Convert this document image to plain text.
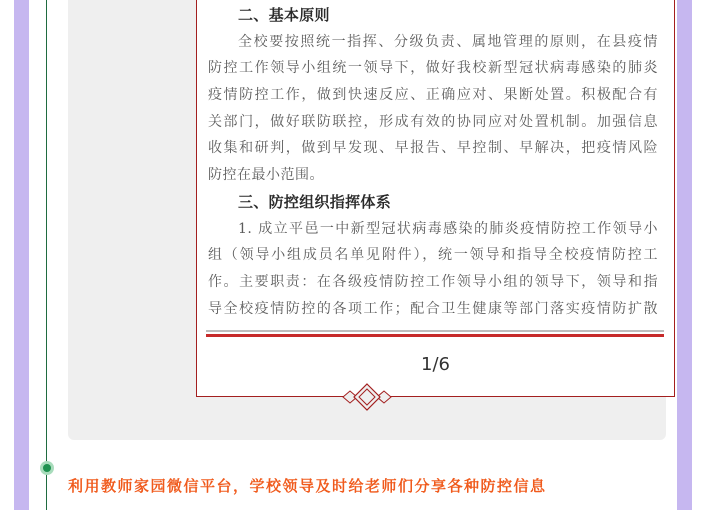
二、基本原则
全校要按照统一指挥、分级负责、属地管理的原则，在县疫情
防控工作领导小组统一领导下，做好我校新型冠状病毒感染的肺炎
疫情防控工作，做到快速反应、正确应对、果断处置。积极配合有
关部门，做好联防联控，形成有效的协同应对处置机制。加强信息
收集和研判，做到早发现、早报告、早控制、早解决，把疫情风险
防控在最小范围。
三、防控组织指挥体系
1. 成立平邑一中新型冠状病毒感染的肺炎疫情防控工作领导小
组（领导小组成员名单见附件），统一领导和指导全校疫情防控工
作。主要职责：在各级疫情防控工作领导小组的领导下，领导和指
导全校疫情防控的各项工作；配合卫生健康等部门落实疫情防扩散
1/6
利用教师家园微信平台，学校领导及时给老师们分享各种防控信息
